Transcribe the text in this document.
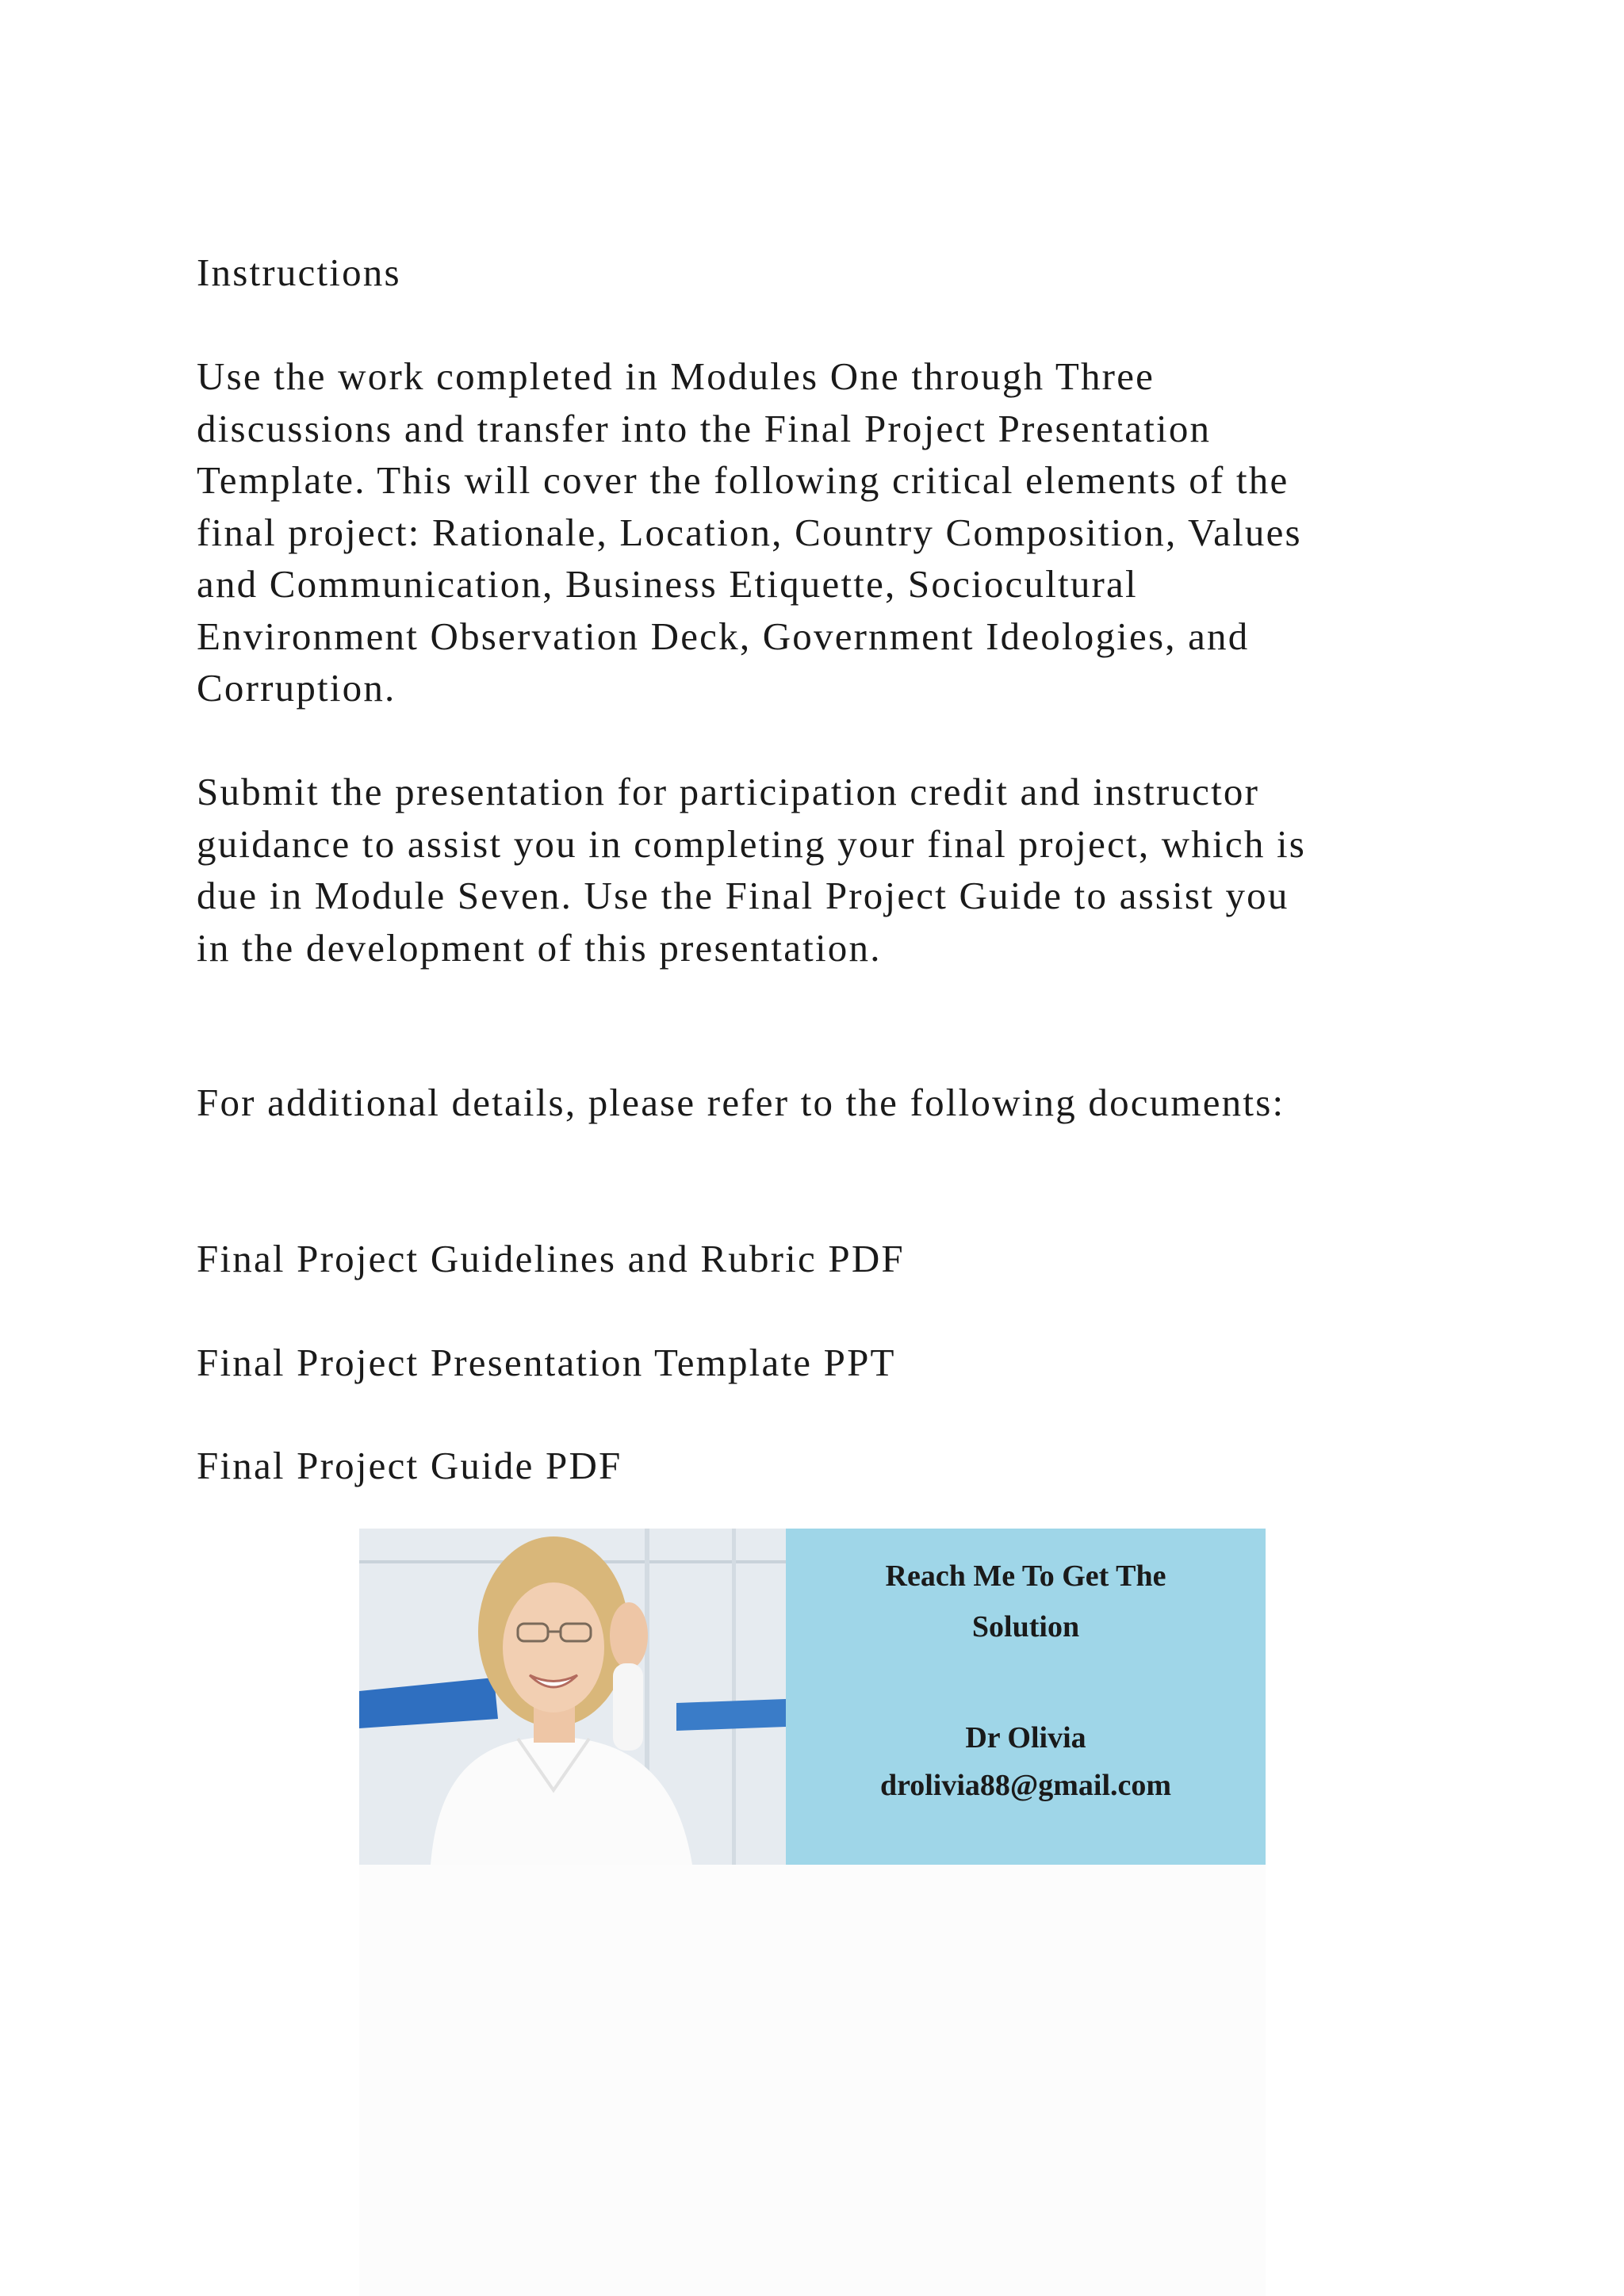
Instructions
Use the work completed in Modules One through Three
discussions and transfer into the Final Project Presentation
Template. This will cover the following critical elements of the
final project: Rationale, Location, Country Composition, Values
and Communication, Business Etiquette, Sociocultural
Environment Observation Deck, Government Ideologies, and
Corruption.
Submit the presentation for participation credit and instructor
guidance to assist you in completing your final project, which is
due in Module Seven. Use the Final Project Guide to assist you
in the development of this presentation.
For additional details, please refer to the following documents:
Final Project Guidelines and Rubric PDF
Final Project Presentation Template PPT
Final Project Guide PDF
Reach Me To Get The
Solution
Dr Olivia
drolivia88@gmail.com
